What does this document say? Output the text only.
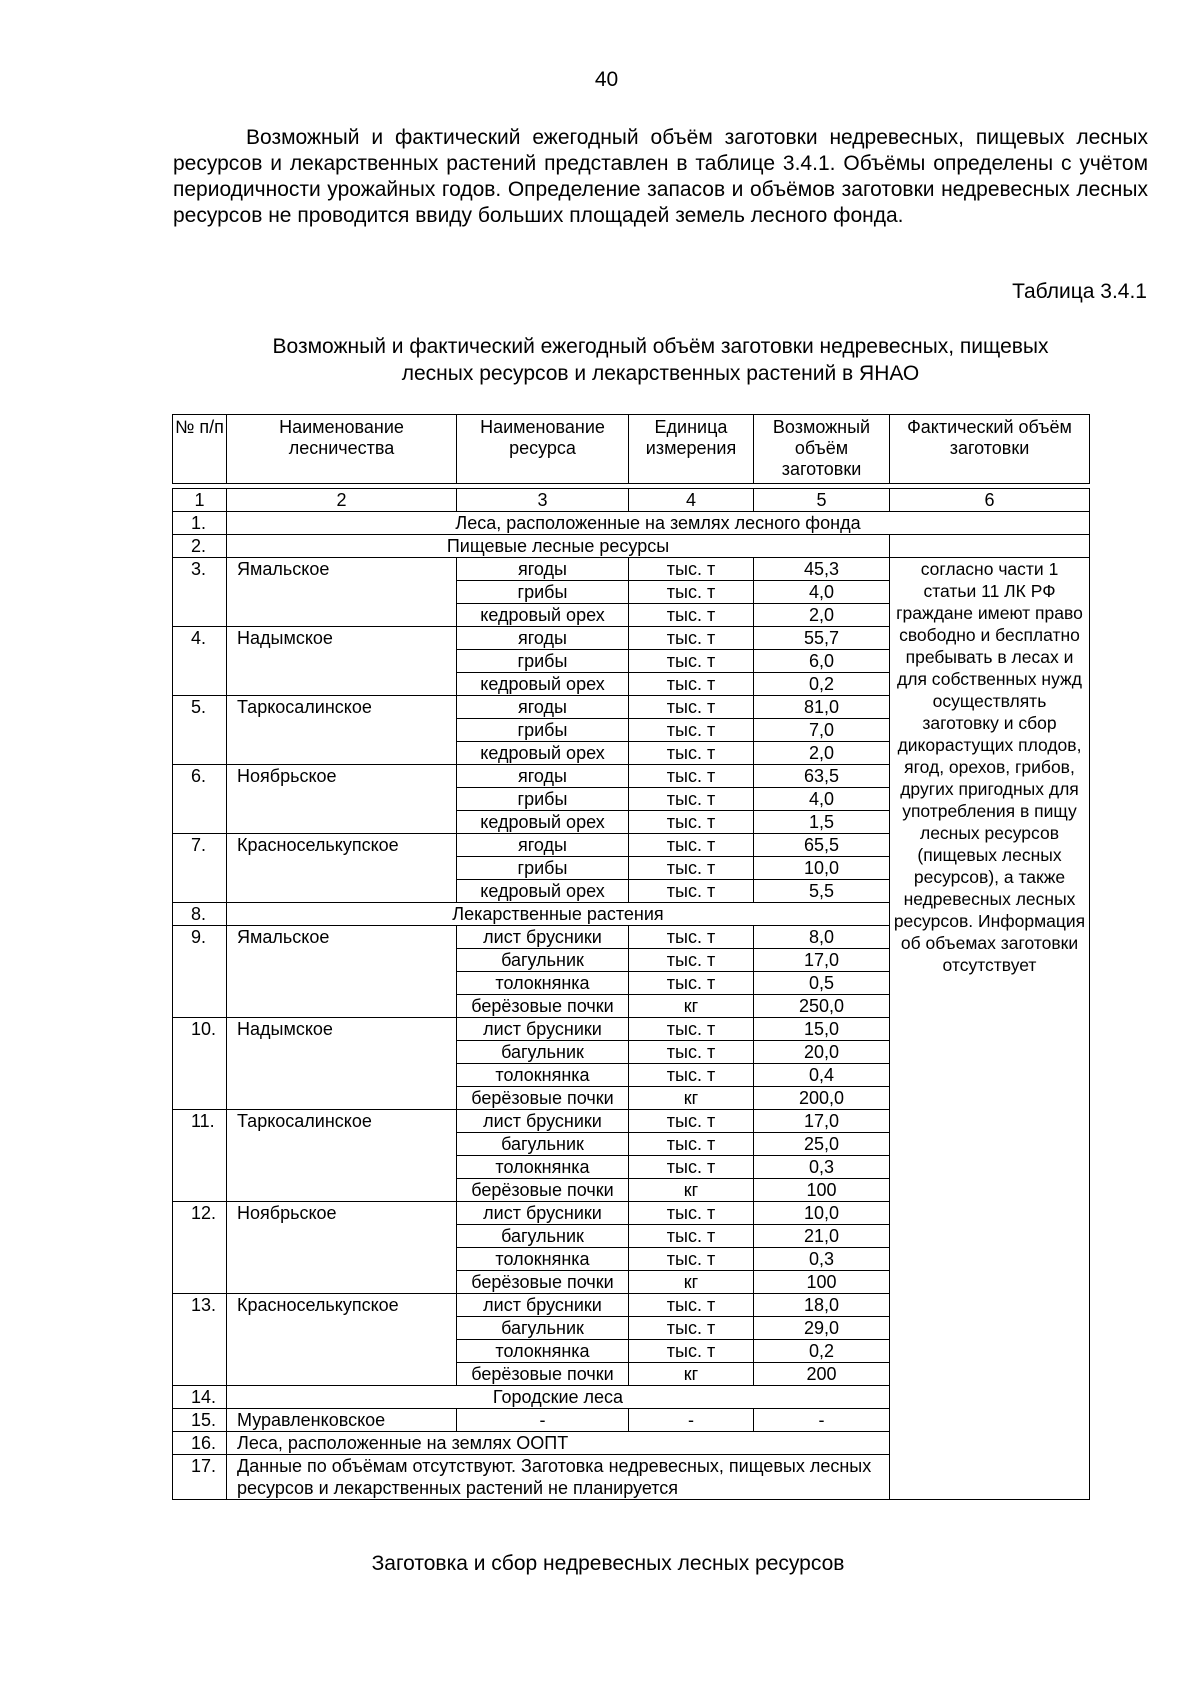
40

Возможный и фактический ежегодный объём заготовки недревесных, пищевых лесных ресурсов и лекарственных растений представлен в таблице 3.4.1. Объёмы определены с учётом периодичности урожайных годов. Определение запасов и объёмов заготовки недревесных лесных ресурсов не проводится ввиду больших площадей земель лесного фонда.

Таблица 3.4.1

Возможный и фактический ежегодный объём заготовки недревесных, пищевых
лесных ресурсов и лекарственных растений в ЯНАО

№ п/п	Наименование лесничества	Наименование ресурса	Единица измерения	Возможный объём заготовки	Фактический объём заготовки

1	2	3	4	5	6
1.	Леса, расположенные на землях лесного фонда				
2.	Пищевые лесные ресурсы				
3.	Ямальское	ягоды	тыс. т	45,3	согласно части 1 статьи 11 ЛК РФ граждане имеют право свободно и бесплатно пребывать в лесах и для собственных нужд осуществлять заготовку и сбор дикорастущих плодов, ягод, орехов, грибов, других пригодных для употребления в пищу лесных ресурсов (пищевых лесных ресурсов), а также недревесных лесных ресурсов. Информация об объемах заготовки отсутствует
		грибы	тыс. т	4,0	
		кедровый орех	тыс. т	2,0	
4.	Надымское	ягоды	тыс. т	55,7	
		грибы	тыс. т	6,0	
		кедровый орех	тыс. т	0,2	
5.	Таркосалинское	ягоды	тыс. т	81,0	
		грибы	тыс. т	7,0	
		кедровый орех	тыс. т	2,0	
6.	Ноябрьское	ягоды	тыс. т	63,5	
		грибы	тыс. т	4,0	
		кедровый орех	тыс. т	1,5	
7.	Красноселькупское	ягоды	тыс. т	65,5	
		грибы	тыс. т	10,0	
		кедровый орех	тыс. т	5,5	
8.	Лекарственные растения				
9.	Ямальское	лист брусники	тыс. т	8,0	
		багульник	тыс. т	17,0	
		толокнянка	тыс. т	0,5	
		берёзовые почки	кг	250,0	
10.	Надымское	лист брусники	тыс. т	15,0	
		багульник	тыс. т	20,0	
		толокнянка	тыс. т	0,4	
		берёзовые почки	кг	200,0	
11.	Таркосалинское	лист брусники	тыс. т	17,0	
		багульник	тыс. т	25,0	
		толокнянка	тыс. т	0,3	
		берёзовые почки	кг	100	
12.	Ноябрьское	лист брусники	тыс. т	10,0	
		багульник	тыс. т	21,0	
		толокнянка	тыс. т	0,3	
		берёзовые почки	кг	100	
13.	Красноселькупское	лист брусники	тыс. т	18,0	
		багульник	тыс. т	29,0	
		толокнянка	тыс. т	0,2	
		берёзовые почки	кг	200	
14.	Городские леса				
15.	Муравленковское	-	-	-	
16.	Леса, расположенные на землях ООПТ				
17.	Данные по объёмам отсутствуют. Заготовка недревесных, пищевых лесных ресурсов и лекарственных растений не планируется				
Заготовка и сбор недревесных лесных ресурсов
